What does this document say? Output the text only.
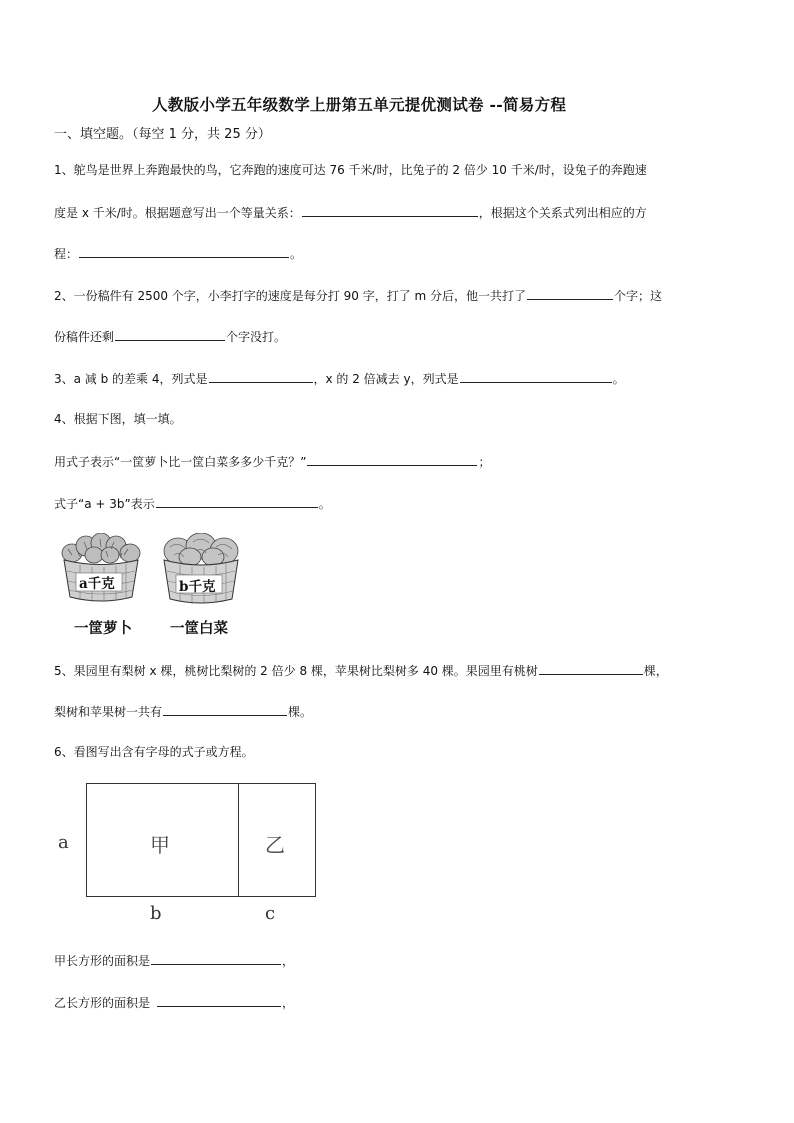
人教版小学五年级数学上册第五单元提优测试卷 --简易方程
一、填空题。（每空 1 分，共 25 分）
1、鸵鸟是世界上奔跑最快的鸟，它奔跑的速度可达 76 千米/时，比兔子的 2 倍少 10 千米/时，设兔子的奔跑速
度是 x 千米/时。根据题意写出一个等量关系：	，根据这个关系式列出相应的方
程：	。
2、一份稿件有 2500 个字，小李打字的速度是每分打 90 字，打了 m 分后，他一共打了	个字；这
份稿件还剩	个字没打。
3、a 减 b 的差乘 4，列式是	，x 的 2 倍减去 y，列式是	。
4、根据下图，填一填。
用式子表示“一筐萝卜比一筐白菜多多少千克？”	；
式子“a + 3b”表示	。
a千克
一筐萝卜
b千克
一筐白菜
5、果园里有梨树 x 棵，桃树比梨树的 2 倍少 8 棵，苹果树比梨树多 40 棵。果园里有桃树	棵，
梨树和苹果树一共有	棵。
6、看图写出含有字母的式子或方程。
a	甲	乙
b	c
甲长方形的面积是	，
乙长方形的面积是	，
